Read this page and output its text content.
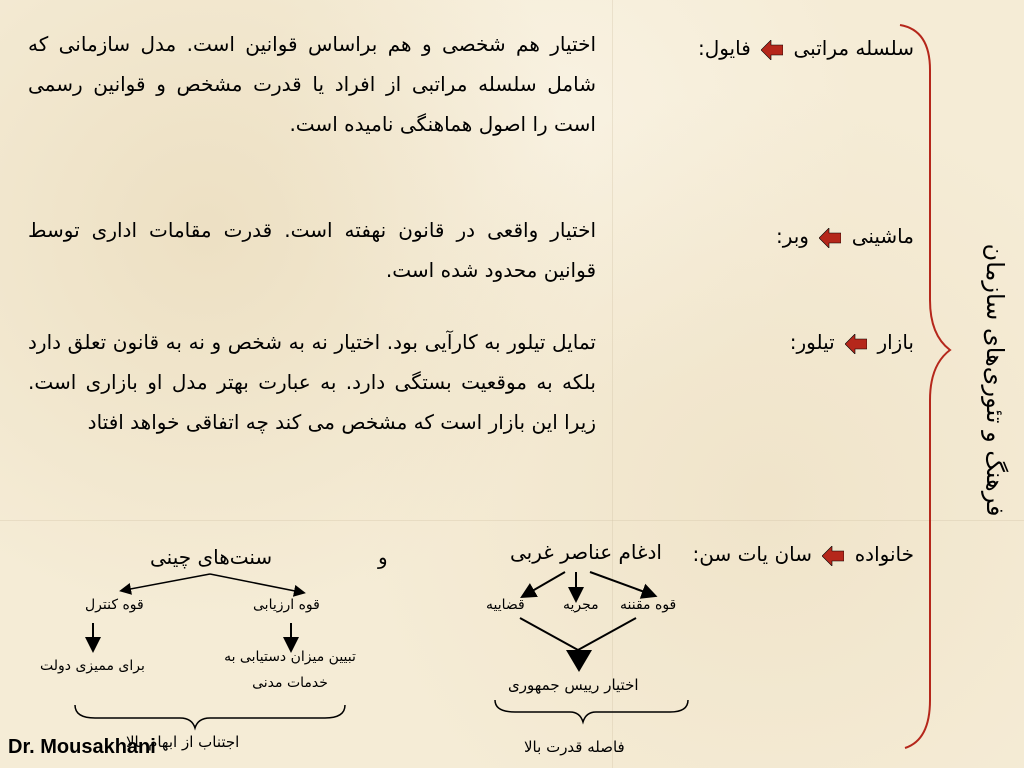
فرهنگ و تئوری‌های سازمان
سلسله مراتبی  فایول:
اختیار هم شخصی و هم براساس قوانین است. مدل سازمانی که شامل سلسله مراتبی از افراد یا قدرت مشخص و قوانین رسمی است را اصول هماهنگی نامیده است.
ماشینی  وبر:
اختیار واقعی در قانون نهفته است. قدرت مقامات اداری توسط قوانین محدود شده است.
بازار  تیلور:
تمایل تیلور به کارآیی بود. اختیار نه به شخص و نه به قانون تعلق دارد بلکه به موقعیت بستگی دارد. به عبارت بهتر مدل او بازاری است. زیرا این بازار است که مشخص می کند چه اتفاقی خواهد افتاد
خانواده  سان یات سن:
ادغام عناصر غربی
و
سنت‌های چینی
قوه مقننه
مجریه
قضاییه
اختیار رییس جمهوری
فاصله قدرت بالا
قوه ارزیابی
قوه کنترل
تبیین میزان دستیابی به خدمات مدنی
برای ممیزی دولت
اجتناب از ابهام بالا
Dr. Mousakhani
